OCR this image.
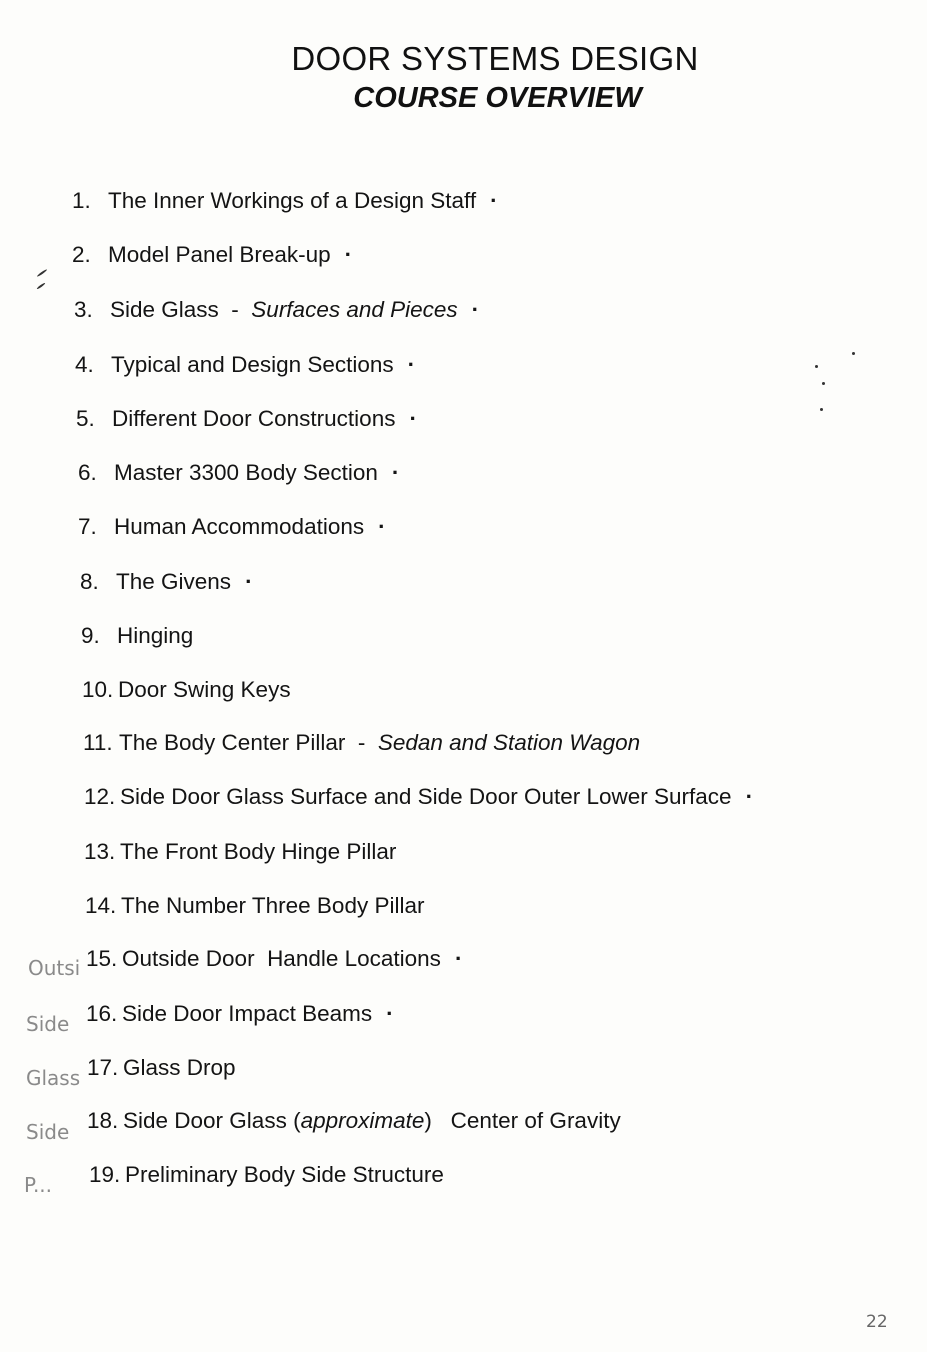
DOOR SYSTEMS DESIGN
COURSE OVERVIEW
1. The Inner Workings of a Design Staff ·
2. Model Panel Break-up ·
3. Side Glass  -  Surfaces and Pieces ·
4. Typical and Design Sections ·
5. Different Door Constructions ·
6. Master 3300 Body Section ·
7. Human Accommodations ·
8. The Givens ·
9. Hinging
10. Door Swing Keys
11. The Body Center Pillar  -  Sedan and Station Wagon
12. Side Door Glass Surface and Side Door Outer Lower Surface ·
13. The Front Body Hinge Pillar
14. The Number Three Body Pillar
15. Outside Door  Handle Locations ·
16. Side Door Impact Beams ·
17. Glass Drop
18. Side Door Glass (approximate)   Center of Gravity
19. Preliminary Body Side Structure
Outsi
Side
Glass
Side
P...
22
